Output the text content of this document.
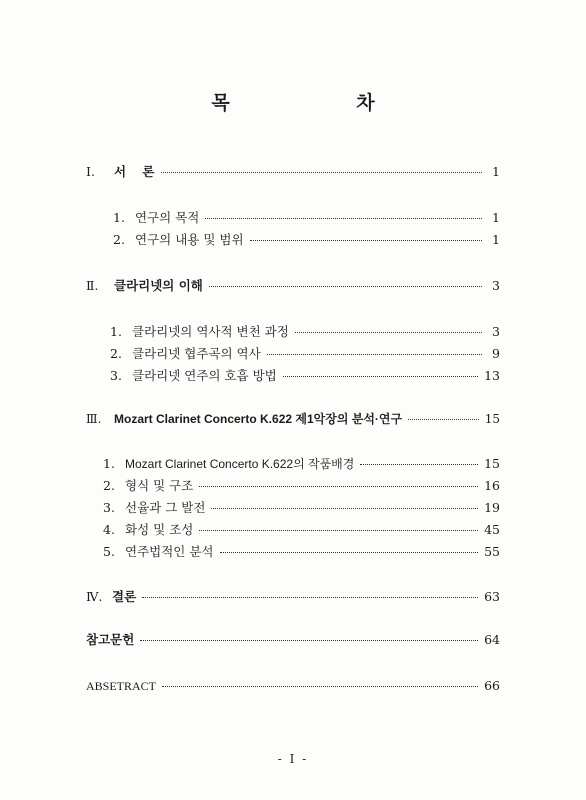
목 차
Ⅰ.	서 론	1
1. 연구의 목적	1
2. 연구의 내용 및 범위	1
Ⅱ.	클라리넷의 이해	3
1. 클라리넷의 역사적 변천 과정	3
2. 클라리넷 협주곡의 역사	9
3. 클라리넷 연주의 호흡 방법	13
Ⅲ.	Mozart Clarinet Concerto K.622 제1악장의 분석·연구	15
1. Mozart Clarinet Concerto K.622의 작품배경	15
2. 형식 및 구조	16
3. 선율과 그 발전	19
4. 화성 및 조성	45
5. 연주법적인 분석	55
Ⅳ. 결론	63
참고문헌	64
ABSETRACT	66
- I -
